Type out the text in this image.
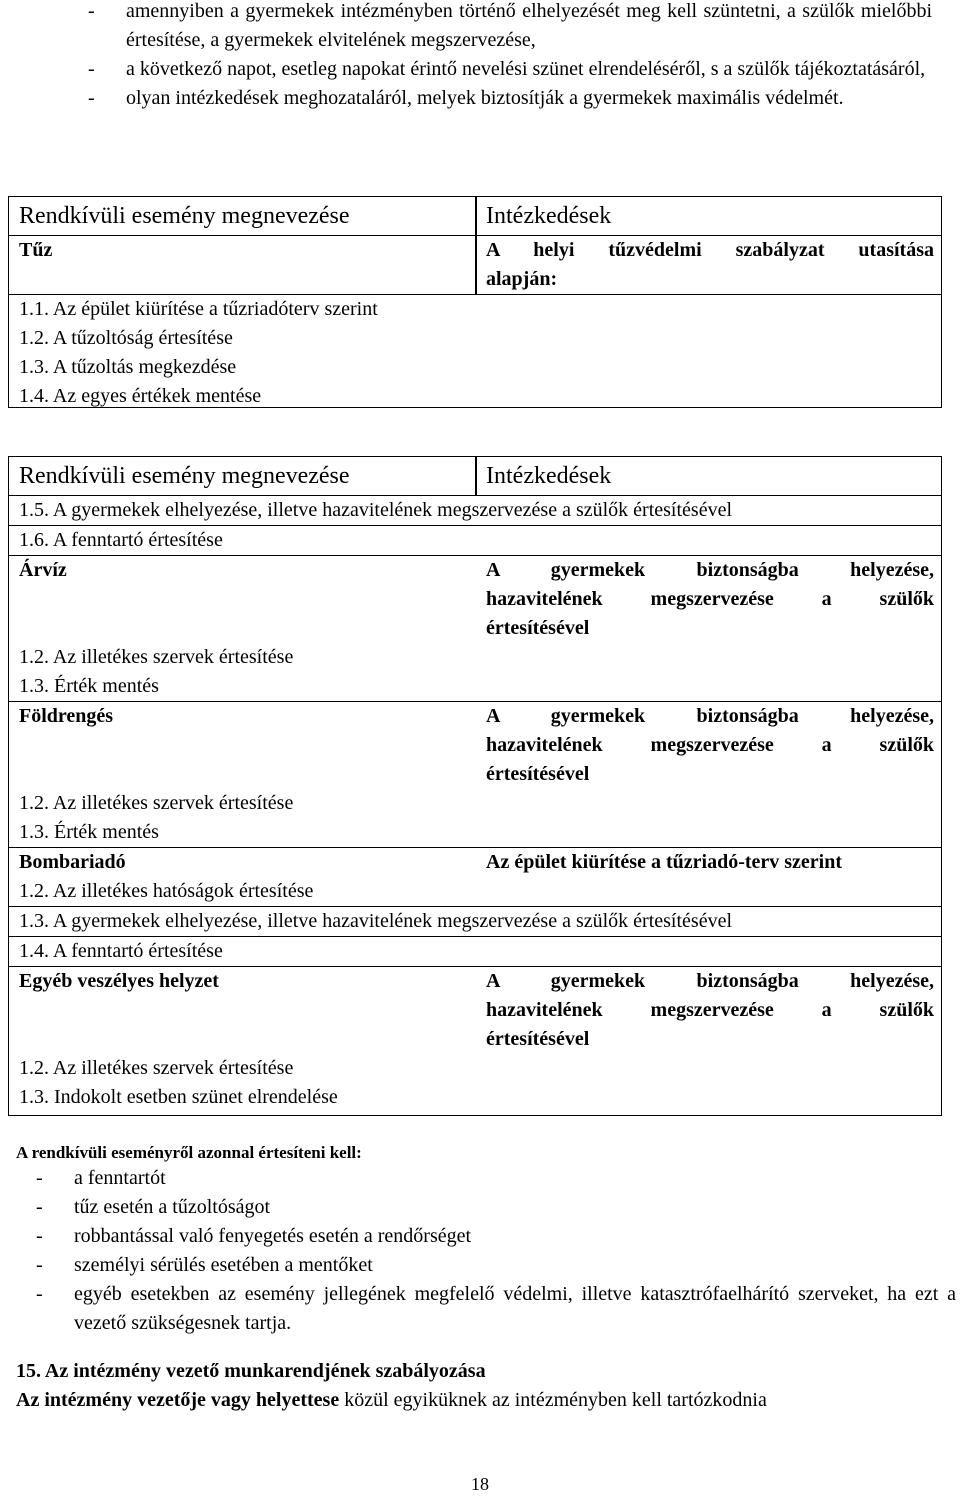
- amennyiben a gyermekek intézményben történő elhelyezését meg kell szüntetni, a szülők mielőbbi értesítése, a gyermekek elvitelének megszervezése,
- a következő napot, esetleg napokat érintő nevelési szünet elrendeléséről, s a szülők tájékoztatásáról,
- olyan intézkedések meghozataláról, melyek biztosítják a gyermekek maximális védelmét.
Rendkívüli esemény megnevezése	Intézkedések
Tűz	A helyi tűzvédelmi szabályzat utasítása
alapján:
1.1. Az épület kiürítése a tűzriadóterv szerint
1.2. A tűzoltóság értesítése
1.3. A tűzoltás megkezdése
1.4. Az egyes értékek mentése
Rendkívüli esemény megnevezése	Intézkedések
1.5. A gyermekek elhelyezése, illetve hazavitelének megszervezése a szülők értesítésével
1.6. A fenntartó értesítése
Árvíz	A gyermekek biztonságba helyezése,
hazavitelének megszervezése a szülők
értesítésével
1.2. Az illetékes szervek értesítése
1.3. Érték mentés
Földrengés	A gyermekek biztonságba helyezése,
hazavitelének megszervezése a szülők
értesítésével
1.2. Az illetékes szervek értesítése
1.3. Érték mentés
Bombariadó	Az épület kiürítése a tűzriadó-terv szerint
1.2. Az illetékes hatóságok értesítése
1.3. A gyermekek elhelyezése, illetve hazavitelének megszervezése a szülők értesítésével
1.4. A fenntartó értesítése
Egyéb veszélyes helyzet	A gyermekek biztonságba helyezése,
hazavitelének megszervezése a szülők
értesítésével
1.2. Az illetékes szervek értesítése
1.3. Indokolt esetben szünet elrendelése
A rendkívüli eseményről azonnal értesíteni kell:
- a fenntartót
- tűz esetén a tűzoltóságot
- robbantással való fenyegetés esetén a rendőrséget
- személyi sérülés esetében a mentőket
- egyéb esetekben az esemény jellegének megfelelő védelmi, illetve katasztrófaelhárító szerveket, ha ezt a vezető szükségesnek tartja.
15. Az intézmény vezető munkarendjének szabályozása
Az intézmény vezetője vagy helyettese közül egyiküknek az intézményben kell tartózkodnia
18
